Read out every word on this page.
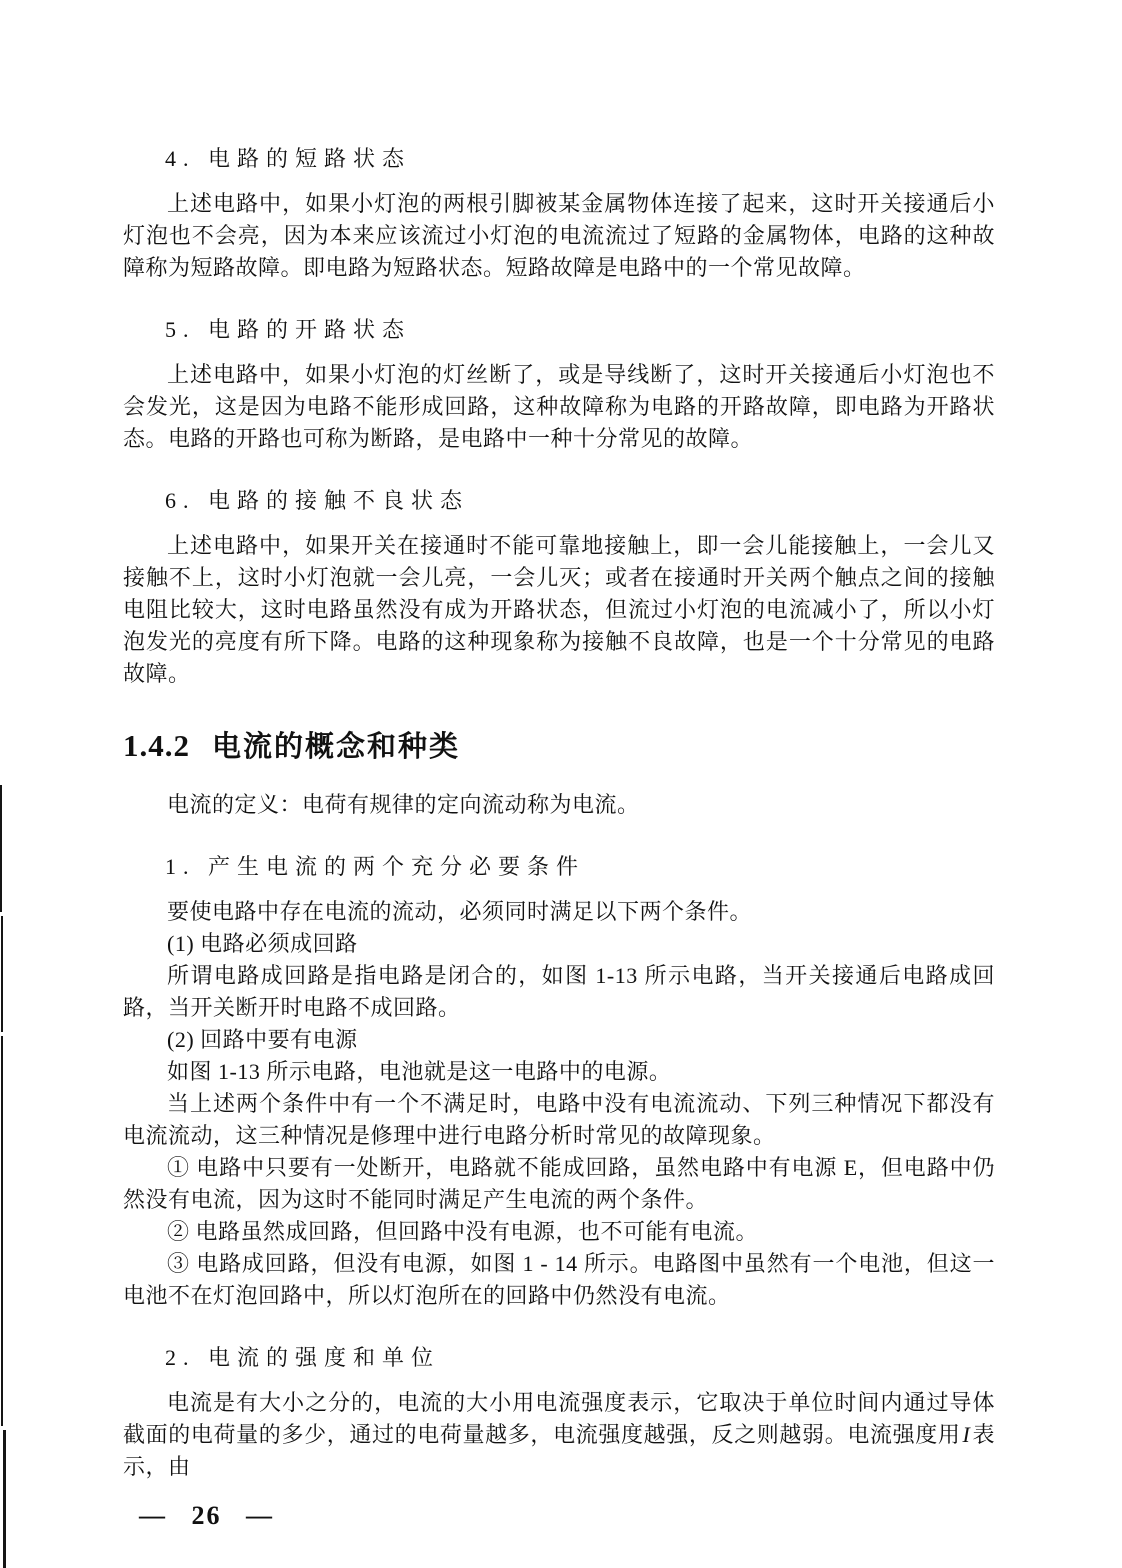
4. 电路的短路状态

上述电路中，如果小灯泡的两根引脚被某金属物体连接了起来，这时开关接通后小灯泡也不会亮，因为本来应该流过小灯泡的电流流过了短路的金属物体，电路的这种故障称为短路故障。即电路为短路状态。短路故障是电路中的一个常见故障。

5. 电路的开路状态

上述电路中，如果小灯泡的灯丝断了，或是导线断了，这时开关接通后小灯泡也不会发光，这是因为电路不能形成回路，这种故障称为电路的开路故障，即电路为开路状态。电路的开路也可称为断路，是电路中一种十分常见的故障。

6. 电路的接触不良状态

上述电路中，如果开关在接通时不能可靠地接触上，即一会儿能接触上，一会儿又接触不上，这时小灯泡就一会儿亮，一会儿灭；或者在接通时开关两个触点之间的接触电阻比较大，这时电路虽然没有成为开路状态，但流过小灯泡的电流减小了，所以小灯泡发光的亮度有所下降。电路的这种现象称为接触不良故障，也是一个十分常见的电路故障。

1.4.2 电流的概念和种类

电流的定义：电荷有规律的定向流动称为电流。

1. 产生电流的两个充分必要条件

要使电路中存在电流的流动，必须同时满足以下两个条件。

(1) 电路必须成回路

所谓电路成回路是指电路是闭合的，如图 1-13 所示电路，当开关接通后电路成回路，当开关断开时电路不成回路。

(2) 回路中要有电源

如图 1-13 所示电路，电池就是这一电路中的电源。

当上述两个条件中有一个不满足时，电路中没有电流流动、下列三种情况下都没有电流流动，这三种情况是修理中进行电路分析时常见的故障现象。

① 电路中只要有一处断开，电路就不能成回路，虽然电路中有电源 E，但电路中仍然没有电流，因为这时不能同时满足产生电流的两个条件。

② 电路虽然成回路，但回路中没有电源，也不可能有电流。

③ 电路成回路，但没有电源，如图 1 - 14 所示。电路图中虽然有一个电池，但这一电池不在灯泡回路中，所以灯泡所在的回路中仍然没有电流。

2. 电流的强度和单位

电流是有大小之分的，电流的大小用电流强度表示，它取决于单位时间内通过导体截面的电荷量的多少，通过的电荷量越多，电流强度越强，反之则越弱。电流强度用I表示，由

— 26 —
